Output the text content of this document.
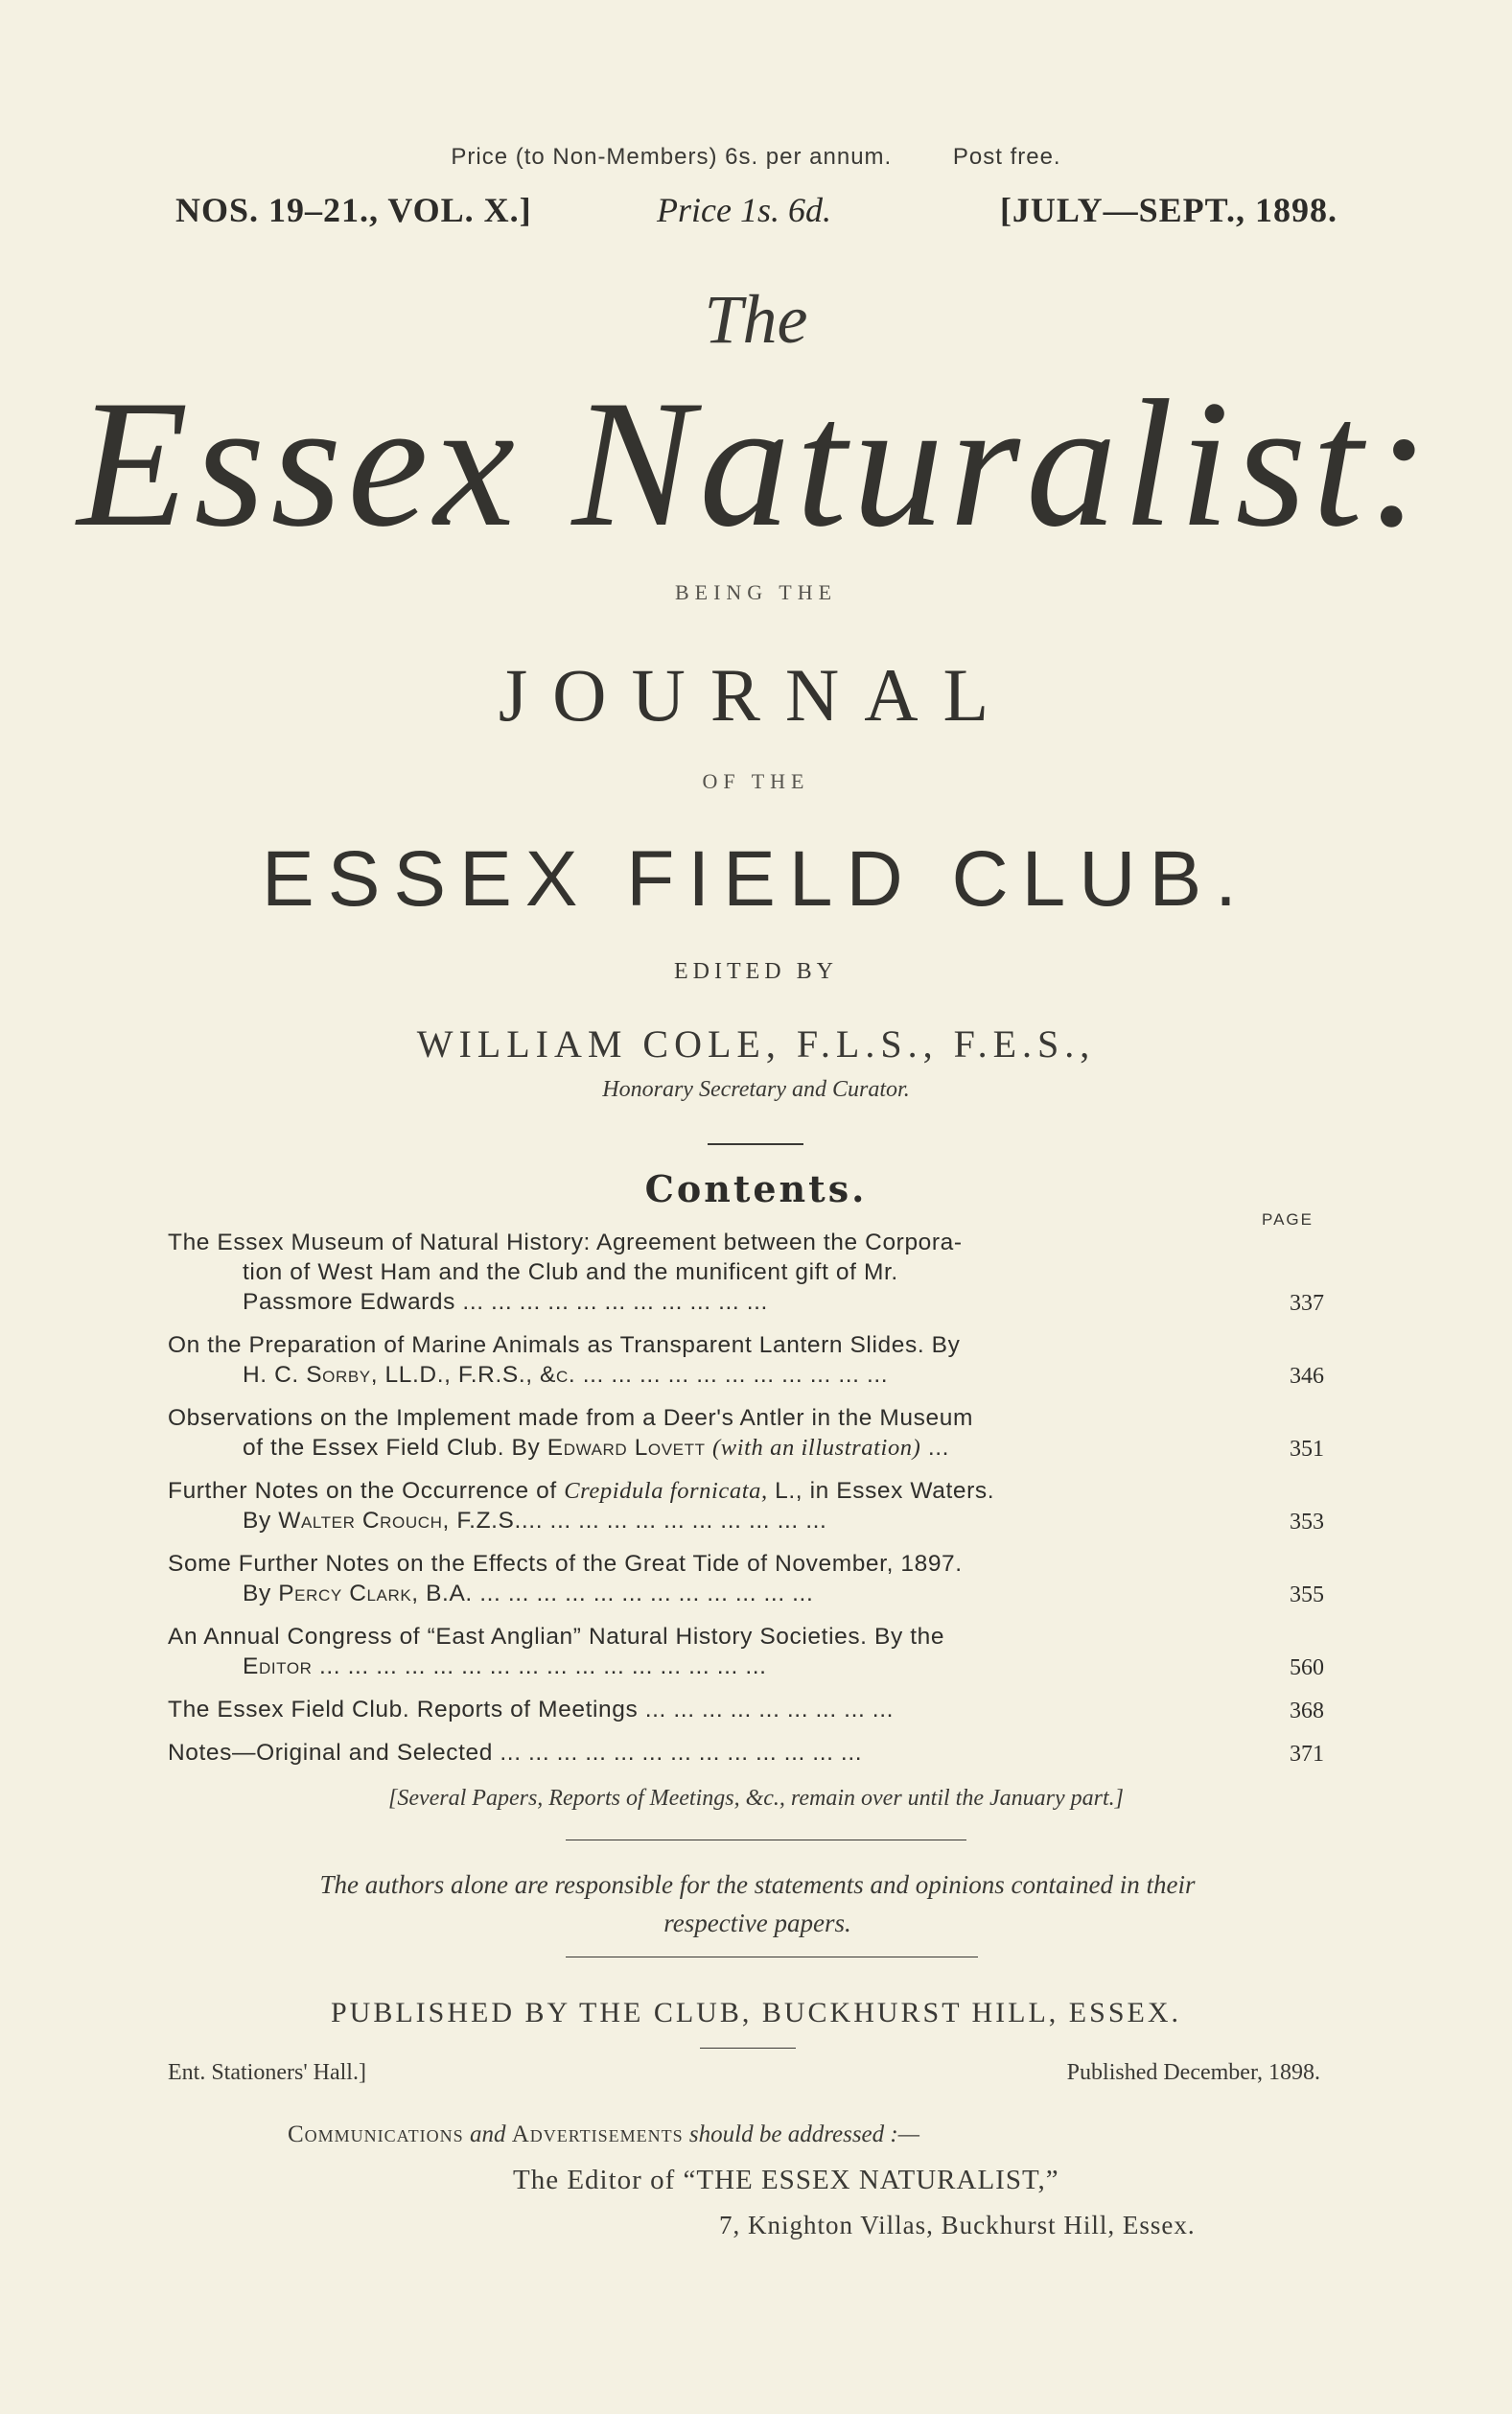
Price (to Non-Members) 6s. per annum.	Post free.
NOS. 19–21., VOL. X.]	Price 1s. 6d.	[JULY—SEPT., 1898.
The
Essex Naturalist:
BEING THE
JOURNAL
OF THE
ESSEX FIELD CLUB.
EDITED BY
WILLIAM COLE, F.L.S., F.E.S.,
Honorary Secretary and Curator.
Contents.
PAGE
The Essex Museum of Natural History: Agreement between the Corpora-
tion of West Ham and the Club and the munificent gift of Mr.
Passmore Edwards ... ... ... ... ... ... ... ... ... ... ...	337
On the Preparation of Marine Animals as Transparent Lantern Slides. By
H. C. Sorby, LL.D., F.R.S., &c. ... ... ... ... ... ... ... ... ... ... ...	346
Observations on the Implement made from a Deer's Antler in the Museum
of the Essex Field Club. By Edward Lovett (with an illustration) ...	351
Further Notes on the Occurrence of Crepidula fornicata, L., in Essex Waters.
By Walter Crouch, F.Z.S.... ... ... ... ... ... ... ... ... ... ...	353
Some Further Notes on the Effects of the Great Tide of November, 1897.
By Percy Clark, B.A. ... ... ... ... ... ... ... ... ... ... ... ...	355
An Annual Congress of “East Anglian” Natural History Societies. By the
Editor ... ... ... ... ... ... ... ... ... ... ... ... ... ... ... ...	560
The Essex Field Club. Reports of Meetings ... ... ... ... ... ... ... ... ...	368
Notes—Original and Selected ... ... ... ... ... ... ... ... ... ... ... ... ...	371
[Several Papers, Reports of Meetings, &c., remain over until the January part.]
The authors alone are responsible for the statements and opinions contained in their
respective papers.
PUBLISHED BY THE CLUB, BUCKHURST HILL, ESSEX.
Ent. Stationers' Hall.]	Published December, 1898.
Communications and Advertisements should be addressed :—
The Editor of “THE ESSEX NATURALIST,”
7, Knighton Villas, Buckhurst Hill, Essex.
